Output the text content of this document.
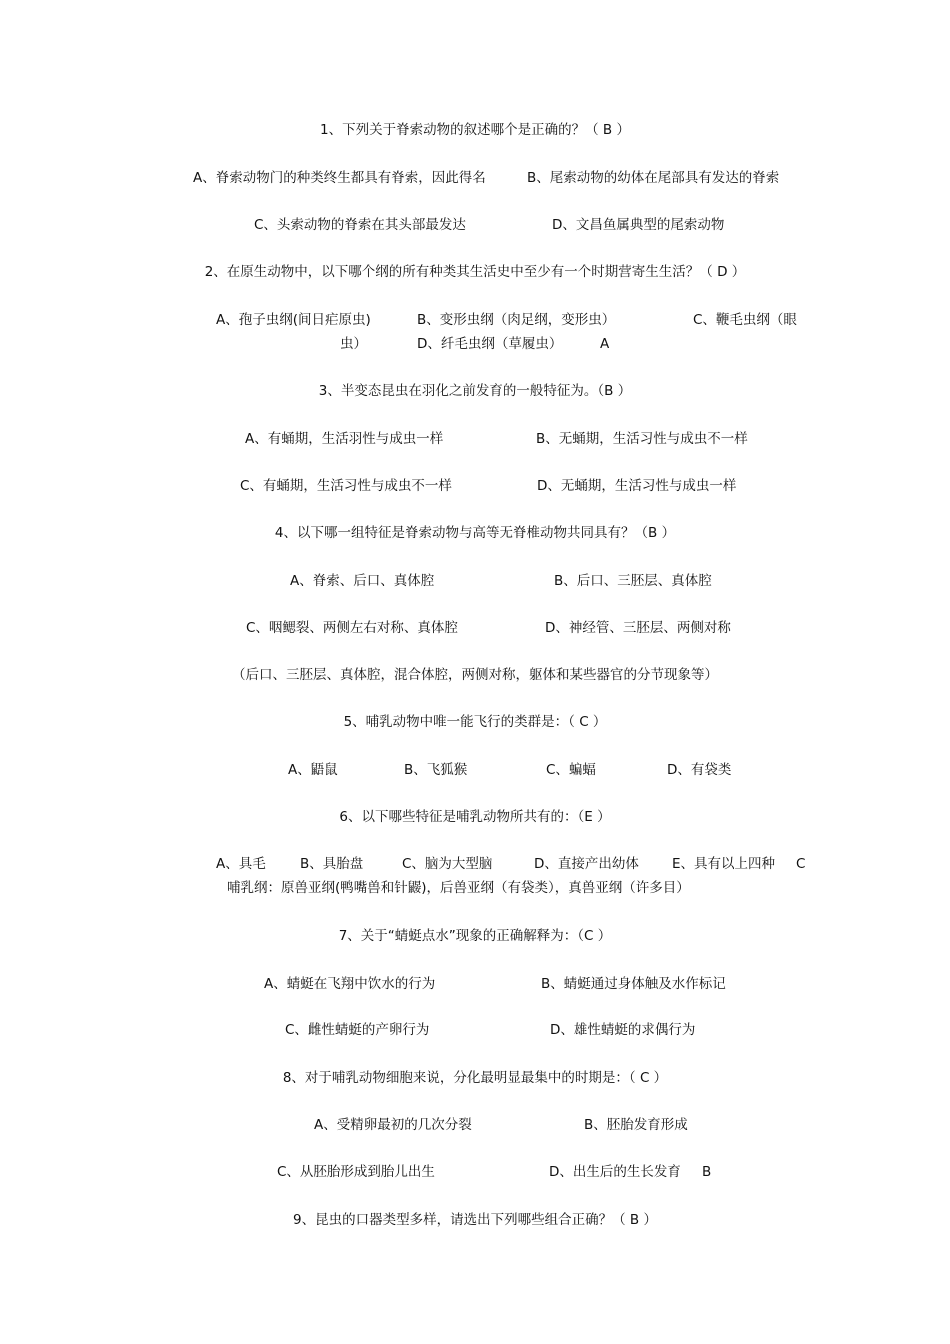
1、下列关于脊索动物的叙述哪个是正确的？（ B ）
A、脊索动物门的种类终生都具有脊索，因此得名	B、尾索动物的幼体在尾部具有发达的脊索
C、头索动物的脊索在其头部最发达	D、文昌鱼属典型的尾索动物
2、在原生动物中，以下哪个纲的所有种类其生活史中至少有一个时期营寄生生活？（ D ）
A、孢子虫纲(间日疟原虫)	B、变形虫纲（肉足纲，变形虫）	C、鞭毛虫纲（眼
虫）	D、纤毛虫纲（草履虫）	A
3、半变态昆虫在羽化之前发育的一般特征为。（B ）
A、有蛹期，生活羽性与成虫一样	B、无蛹期，生活习性与成虫不一样
C、有蛹期，生活习性与成虫不一样	D、无蛹期，生活习性与成虫一样
4、以下哪一组特征是脊索动物与高等无脊椎动物共同具有？（B ）
A、脊索、后口、真体腔	B、后口、三胚层、真体腔
C、咽鳃裂、两侧左右对称、真体腔	D、神经管、三胚层、两侧对称
（后口、三胚层、真体腔，混合体腔，两侧对称，躯体和某些器官的分节现象等）
5、哺乳动物中唯一能飞行的类群是：（ C ）
A、鼯鼠	B、飞狐猴	C、蝙蝠	D、有袋类
6、以下哪些特征是哺乳动物所共有的：（E ）
A、具毛	B、具胎盘	C、脑为大型脑	D、直接产出幼体 E、具有以上四种 C
哺乳纲：原兽亚纲(鸭嘴兽和针鼹)，后兽亚纲（有袋类），真兽亚纲（许多目）
7、关于“蜻蜓点水”现象的正确解释为：（C ）
A、蜻蜓在飞翔中饮水的行为	B、蜻蜓通过身体触及水作标记
C、雌性蜻蜓的产卵行为	D、雄性蜻蜓的求偶行为
8、对于哺乳动物细胞来说，分化最明显最集中的时期是：（ C ）
A、受精卵最初的几次分裂	B、胚胎发育形成
C、从胚胎形成到胎儿出生	D、出生后的生长发育 B
9、昆虫的口器类型多样，请选出下列哪些组合正确？（ B ）
